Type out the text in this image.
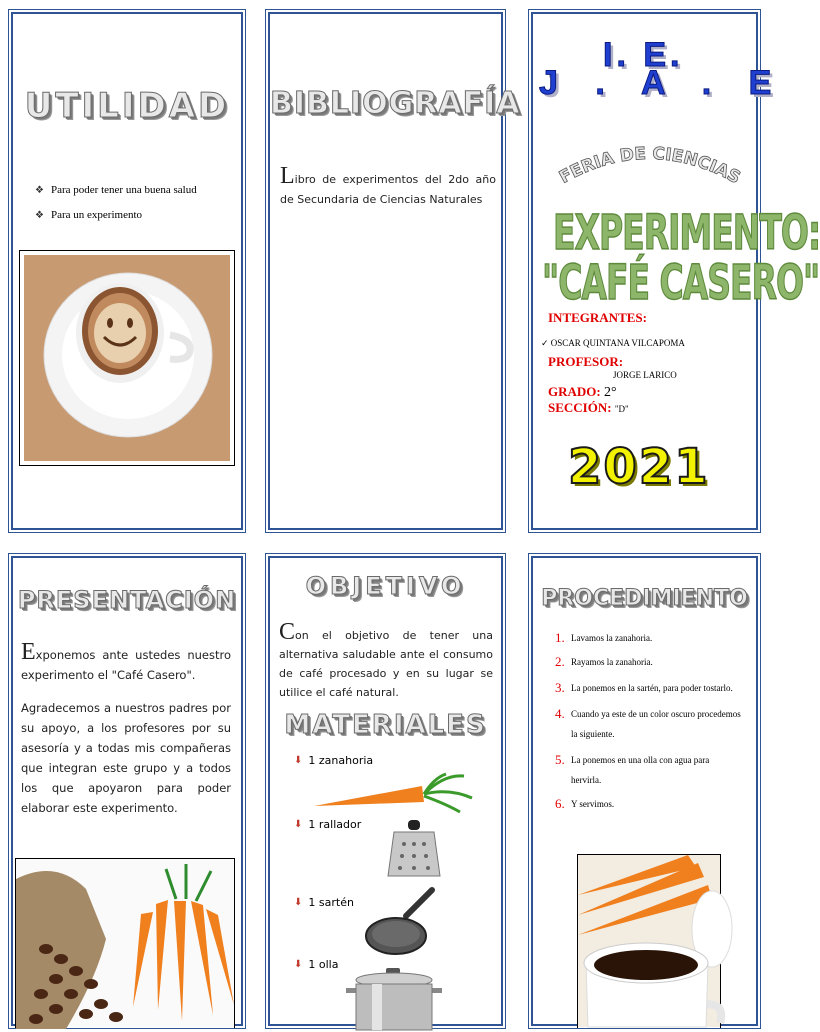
UTILIDAD
❖ Para poder tener una buena salud
❖ Para un experimento
BIBLIOGRAFÍA

Libro de experimentos del 2do año de Secundaria de Ciencias Naturales

I. E.
J . A . E
FERIA DE CIENCIAS
EXPERIMENTO:
"CAFÉ CASERO"
INTEGRANTES:
✓ OSCAR QUINTANA VILCAPOMA
PROFESOR:
JORGE LARICO
GRADO: 2°
SECCIÓN: "D"
2021
PRESENTACIÓN

Exponemos ante ustedes nuestro experimento el "Café Casero".

Agradecemos a nuestros padres por su apoyo, a los profesores por su asesoría y a todas mis compañeras que integran este grupo y a todos los que apoyaron para poder elaborar este experimento.

OBJETIVO

Con el objetivo de tener una alternativa saludable ante el consumo de café procesado y en su lugar se utilice el café natural.

MATERIALES
⬇ 1 zanahoria
⬇ 1 rallador
⬇ 1 sartén
⬇ 1 olla
PROCEDIMIENTO
1. Lavamos la zanahoria.
2. Rayamos la zanahoria.
3. La ponemos en la sartén, para poder tostarlo.
4. Cuando ya este de un color oscuro procedemos la siguiente.
5. La ponemos en una olla con agua para hervirla.
6. Y servimos.
